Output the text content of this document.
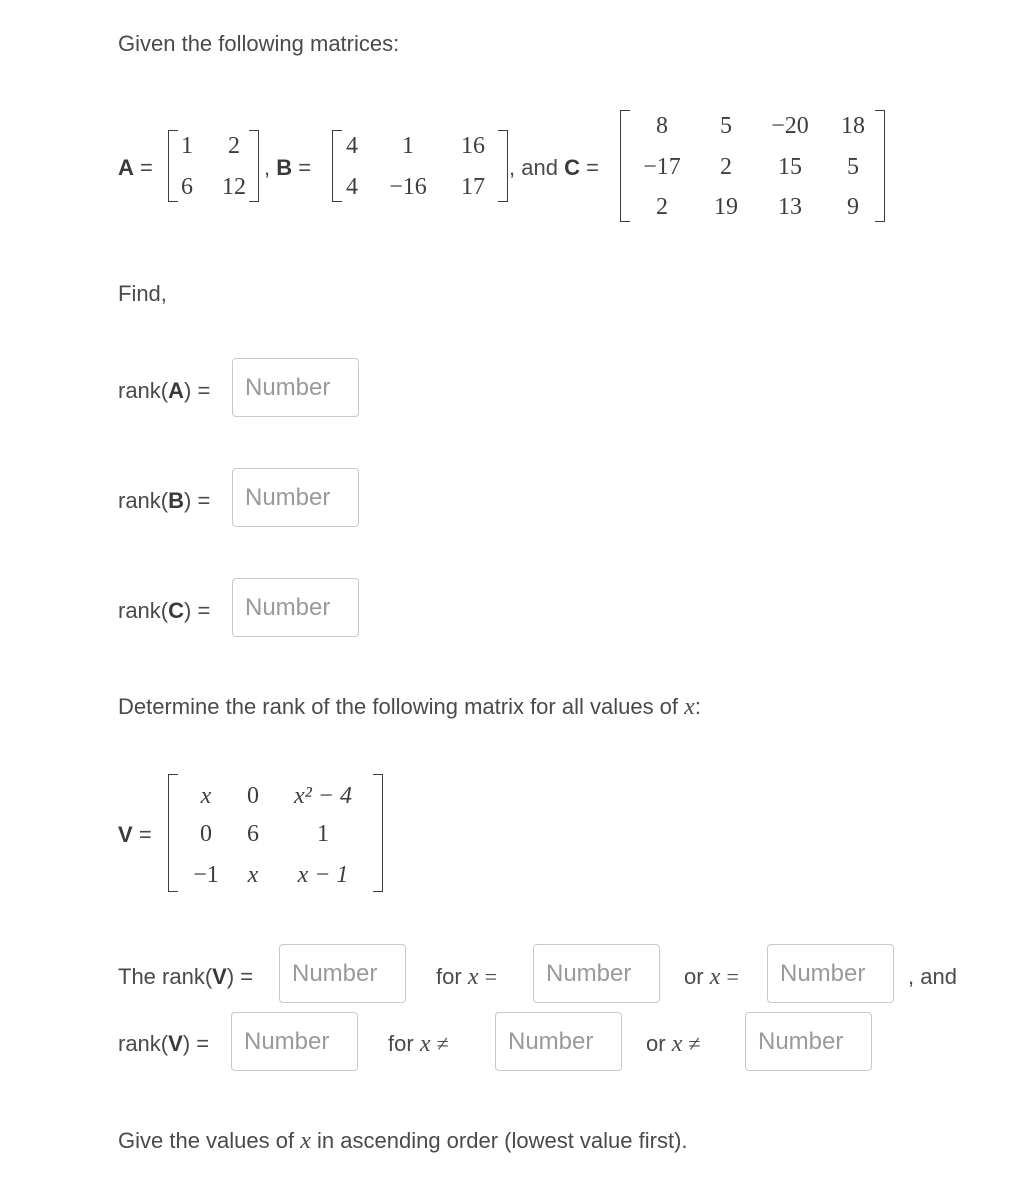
Given the following matrices:
A =
1 2
6 12
, B =
4 1 16
4 −16 17
, and C =
8 5 −20 18
−17 2 15 5
2 19 13 9
Find,
rank(A) =
Number
rank(B) =
Number
rank(C) =
Number
Determine the rank of the following matrix for all values of x:
V =
x 0 x² − 4
0 6 1
−1 x x − 1
The rank(V) =
Number	for x =
Number	or x =
Number	, and
rank(V) =
Number	for x ≠
Number	or x ≠
Number
Give the values of x in ascending order (lowest value first).
